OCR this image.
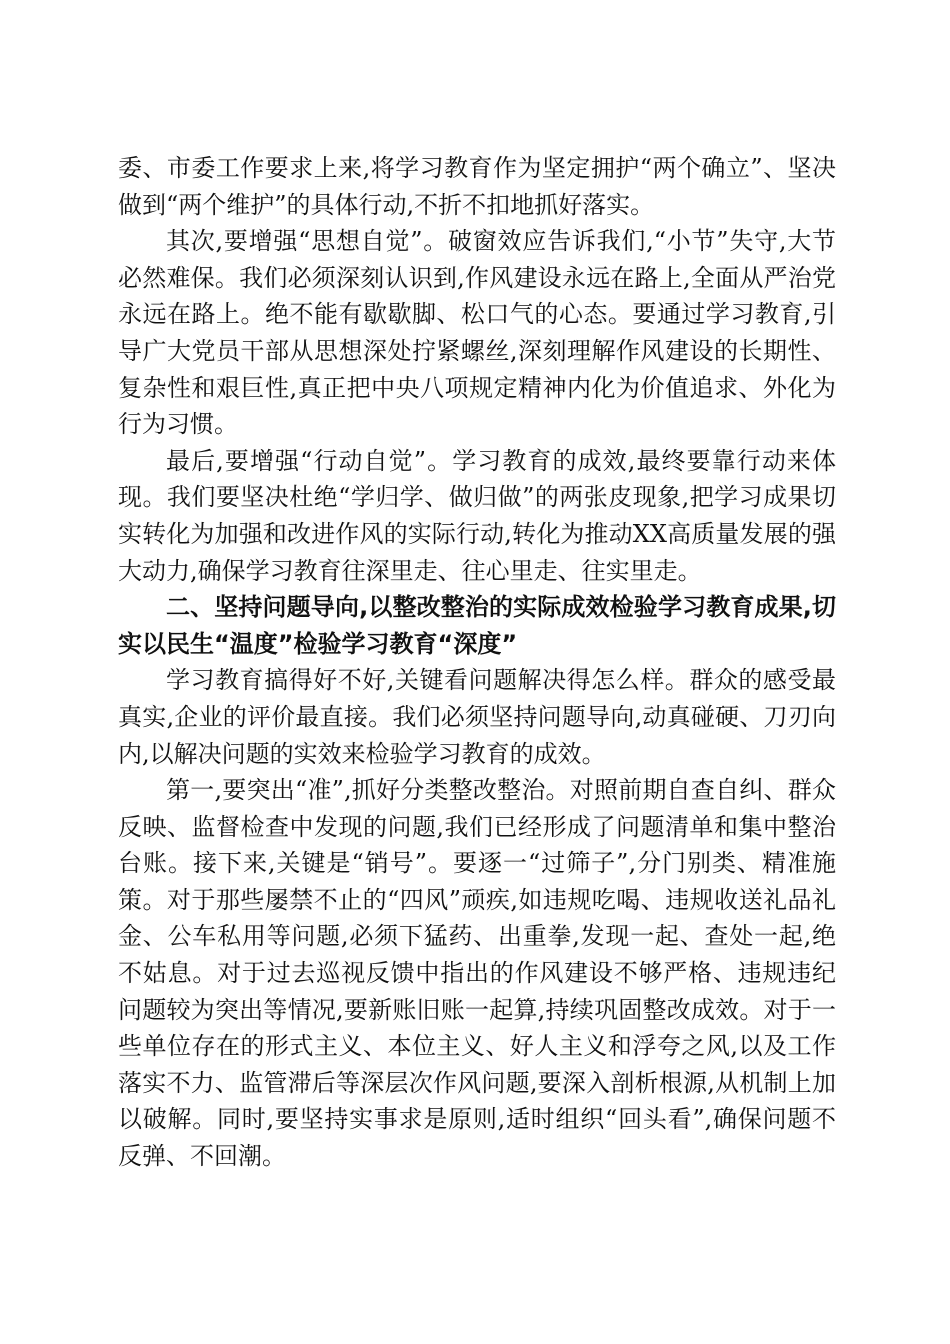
委、市委工作要求上来,将学习教育作为坚定拥护“两个确立”、坚决做到“两个维护”的具体行动,不折不扣地抓好落实。

其次,要增强“思想自觉”。破窗效应告诉我们,“小节”失守,大节必然难保。我们必须深刻认识到,作风建设永远在路上,全面从严治党永远在路上。绝不能有歇歇脚、松口气的心态。要通过学习教育,引导广大党员干部从思想深处拧紧螺丝,深刻理解作风建设的长期性、复杂性和艰巨性,真正把中央八项规定精神内化为价值追求、外化为行为习惯。

最后,要增强“行动自觉”。学习教育的成效,最终要靠行动来体现。我们要坚决杜绝“学归学、做归做”的两张皮现象,把学习成果切实转化为加强和改进作风的实际行动,转化为推动XX高质量发展的强大动力,确保学习教育往深里走、往心里走、往实里走。

二、坚持问题导向,以整改整治的实际成效检验学习教育成果,切实以民生“温度”检验学习教育“深度”

学习教育搞得好不好,关键看问题解决得怎么样。群众的感受最真实,企业的评价最直接。我们必须坚持问题导向,动真碰硬、刀刃向内,以解决问题的实效来检验学习教育的成效。

第一,要突出“准”,抓好分类整改整治。对照前期自查自纠、群众反映、监督检查中发现的问题,我们已经形成了问题清单和集中整治台账。接下来,关键是“销号”。要逐一“过筛子”,分门别类、精准施策。对于那些屡禁不止的“四风”顽疾,如违规吃喝、违规收送礼品礼金、公车私用等问题,必须下猛药、出重拳,发现一起、查处一起,绝不姑息。对于过去巡视反馈中指出的作风建设不够严格、违规违纪问题较为突出等情况,要新账旧账一起算,持续巩固整改成效。对于一些单位存在的形式主义、本位主义、好人主义和浮夸之风,以及工作落实不力、监管滞后等深层次作风问题,要深入剖析根源,从机制上加以破解。同时,要坚持实事求是原则,适时组织“回头看”,确保问题不反弹、不回潮。
